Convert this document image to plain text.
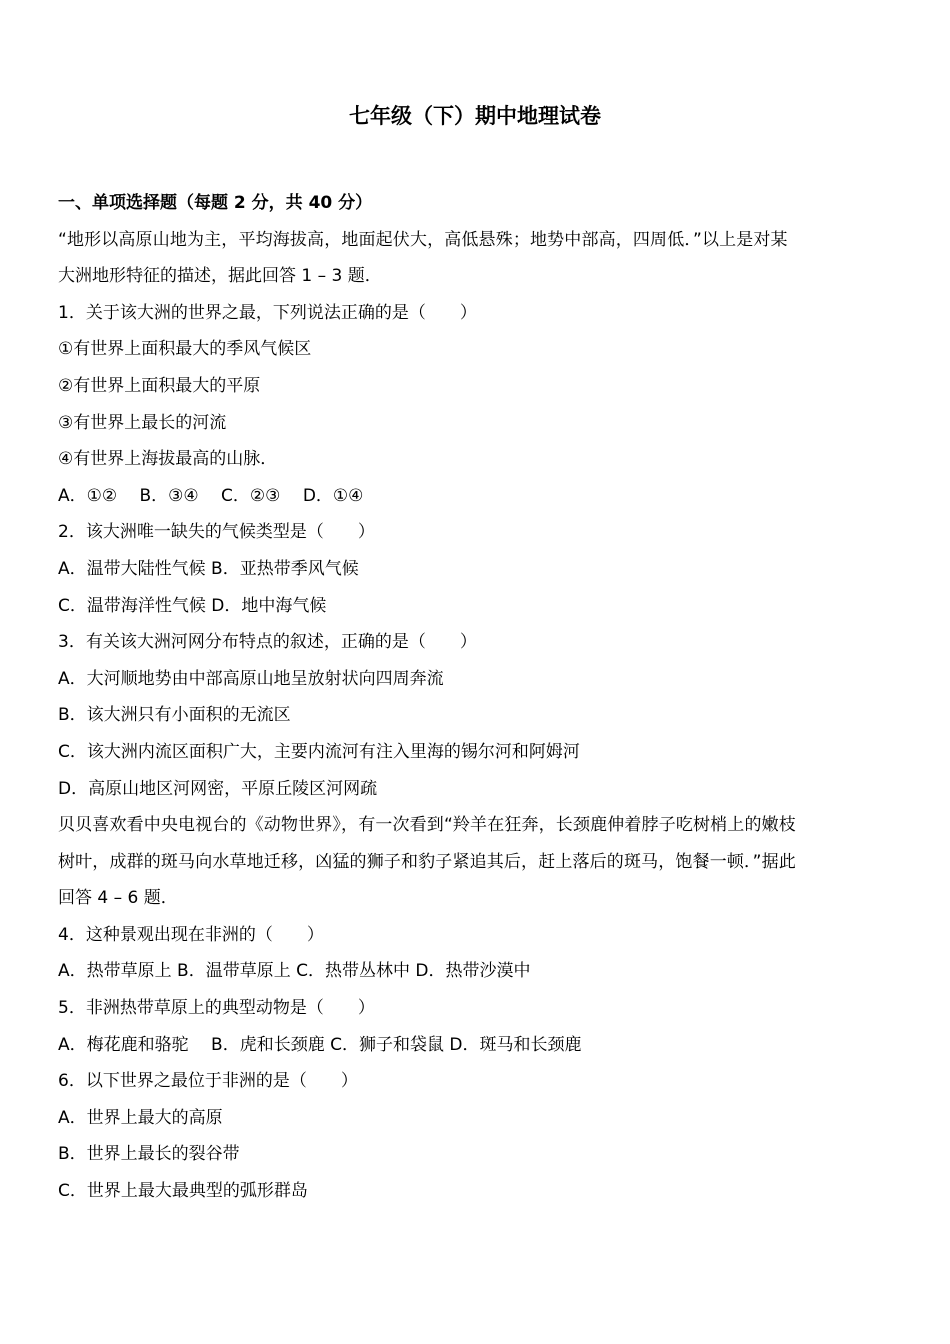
七年级（下）期中地理试卷
一、单项选择题（每题 2 分，共 40 分）
“地形以高原山地为主，平均海拔高，地面起伏大，高低悬殊；地势中部高，四周低．”以上是对某
大洲地形特征的描述，据此回答 1 – 3 题．
1．关于该大洲的世界之最，下列说法正确的是（　　）
①有世界上面积最大的季风气候区
②有世界上面积最大的平原
③有世界上最长的河流
④有世界上海拔最高的山脉．
A．①②　 B．③④　 C．②③　 D．①④
2．该大洲唯一缺失的气候类型是（　　）
A．温带大陆性气候 B．亚热带季风气候
C．温带海洋性气候 D．地中海气候
3．有关该大洲河网分布特点的叙述，正确的是（　　）
A．大河顺地势由中部高原山地呈放射状向四周奔流
B．该大洲只有小面积的无流区
C．该大洲内流区面积广大，主要内流河有注入里海的锡尔河和阿姆河
D．高原山地区河网密，平原丘陵区河网疏
贝贝喜欢看中央电视台的《动物世界》，有一次看到“羚羊在狂奔，长颈鹿伸着脖子吃树梢上的嫩枝
树叶，成群的斑马向水草地迁移，凶猛的狮子和豹子紧追其后，赶上落后的斑马，饱餐一顿．”据此
回答 4 – 6 题．
4．这种景观出现在非洲的（　　）
A．热带草原上 B．温带草原上 C．热带丛林中 D．热带沙漠中
5．非洲热带草原上的典型动物是（　　）
A．梅花鹿和骆驼　 B．虎和长颈鹿 C．狮子和袋鼠 D．斑马和长颈鹿
6．以下世界之最位于非洲的是（　　）
A．世界上最大的高原
B．世界上最长的裂谷带
C．世界上最大最典型的弧形群岛
